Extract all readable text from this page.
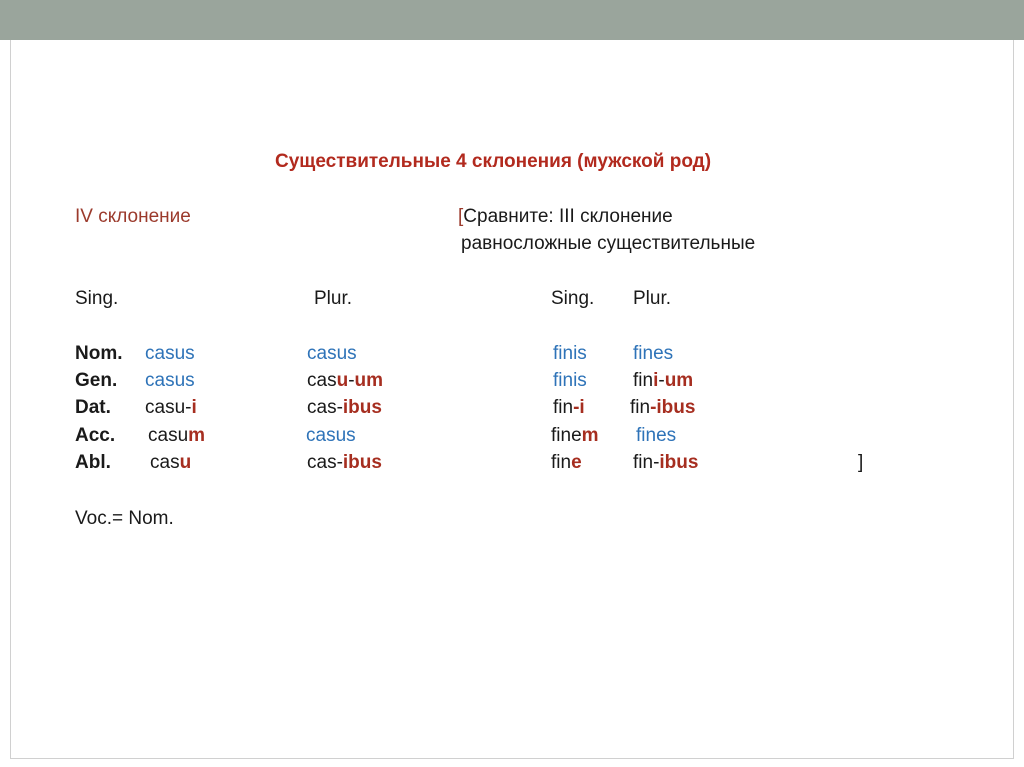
Существительные 4 склонения (мужской род)
IV склонение	[Сравните: III склонение
равносложные существительные
Sing.	Plur.	Sing. Plur.
Nom. casus	casus	finis fines
Gen. casus	casu-um	finis fini-um
Dat. casu-i	cas-ibus	fin-i fin-ibus
Acc. casum	casus	finem fines
Abl. casu	cas-ibus	fine	fin-ibus
Voc.= Nom.
]
